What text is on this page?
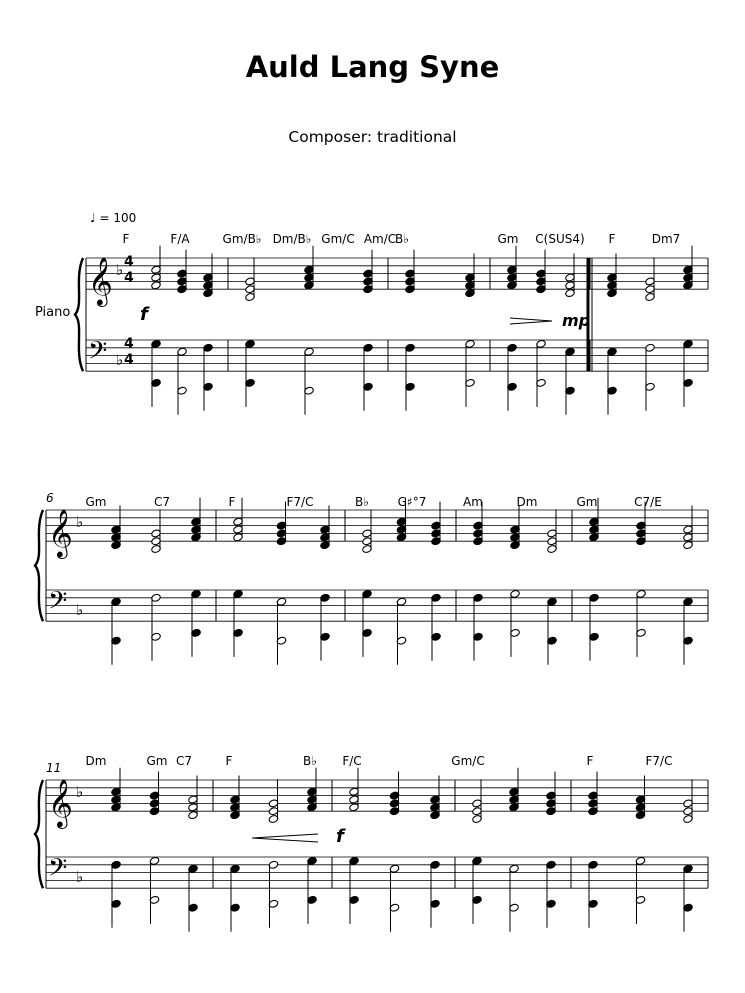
Auld Lang Syne
Composer: traditional
𝄞
𝄢
♭
♭
F	F/A	Gm/B♭ Dm/B♭ Gm/C Am/C
B♭	Gm C(SUS4) F	Dm7
𝄞
𝄢
♭
♭
Gm	C7	F	F7/C	B♭ G♯°7	Am	Dm	Gm	C7/E
6
𝄞
𝄢
♭
♭
Dm	Gm C7	F	B♭ F/C	Gm/C	F	F7/C
11
4
4
4
4
Piano
♩ = 100
f	mp
f
